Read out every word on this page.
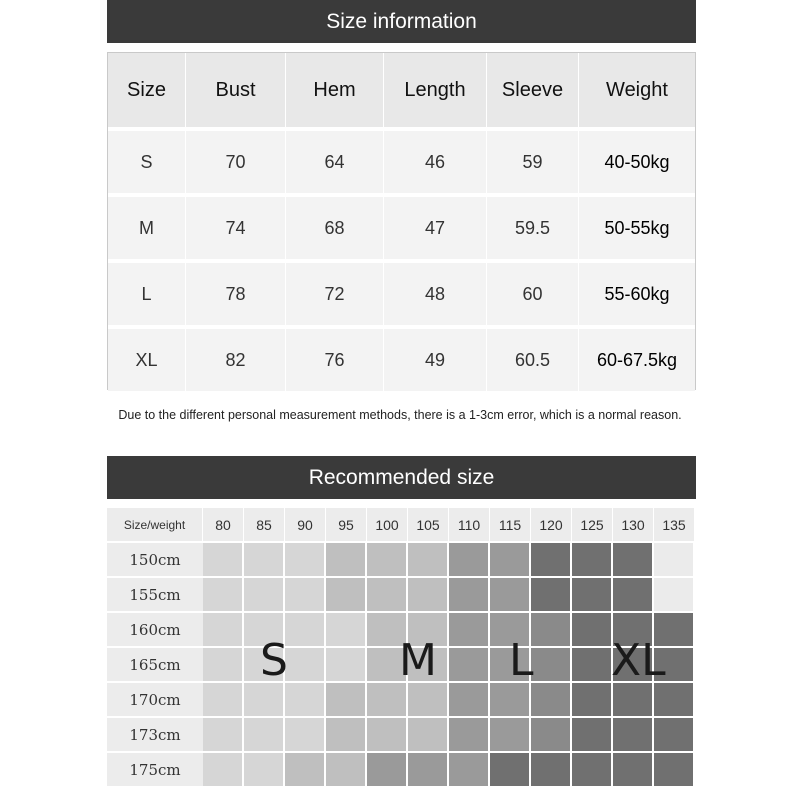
Size information
Size	Bust	Hem	Length	Sleeve	Weight
S	70	64	46	59	40-50kg
M	74	68	47	59.5	50-55kg
L	78	72	48	60	55-60kg
XL	82	76	49	60.5	60-67.5kg
Due to the different personal measurement methods, there is a 1-3cm error, which is a normal reason.
Recommended size
Size/weight	80	85	90	95	100	105	110	115	120	125	130	135
150cm
155cm
160cm
165cm
170cm
173cm
175cm
S	M L XL
